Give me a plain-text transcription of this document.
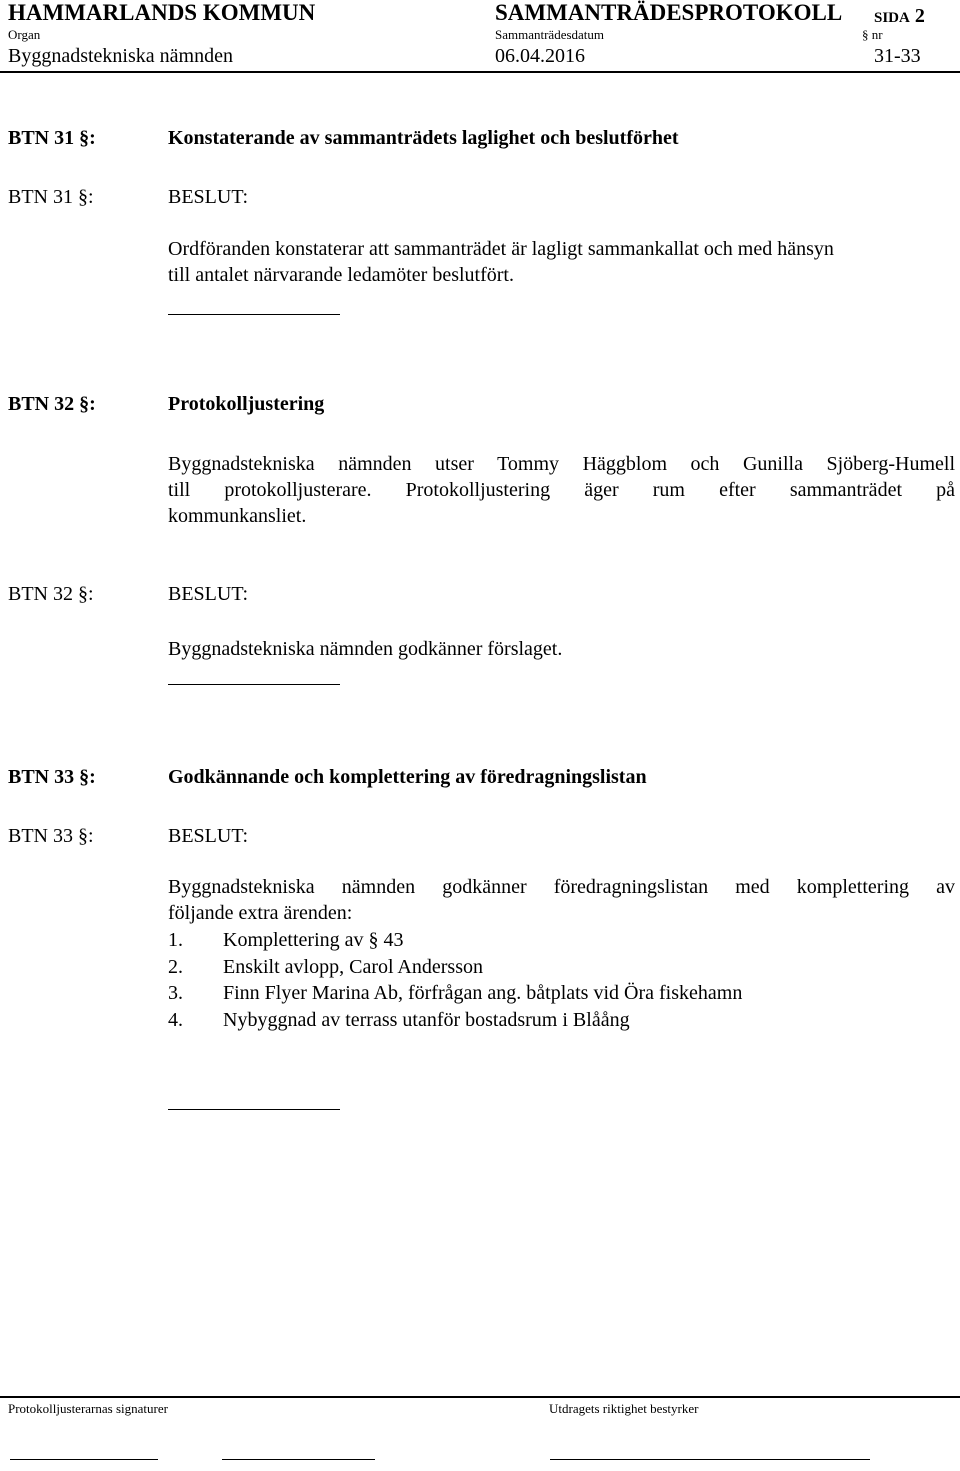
HAMMARLANDS KOMMUN	SAMMANTRÄDESPROTOKOLL SIDA 2
Organ	Sammanträdesdatum	§ nr
Byggnadstekniska nämnden	06.04.2016	31-33
BTN 31 §:	Konstaterande av sammanträdets laglighet och beslutförhet
BTN 31 §:	BESLUT:
Ordföranden konstaterar att sammanträdet är lagligt sammankallat och med hänsyn
till antalet närvarande ledamöter beslutfört.
BTN 32 §:	Protokolljustering
Byggnadstekniska nämnden utser Tommy Häggblom och Gunilla Sjöberg-Humell
till protokolljusterare. Protokolljustering äger rum efter sammanträdet på
kommunkansliet.
BTN 32 §:	BESLUT:
Byggnadstekniska nämnden godkänner förslaget.
BTN 33 §:	Godkännande och komplettering av föredragningslistan
BTN 33 §:	BESLUT:
Byggnadstekniska nämnden godkänner föredragningslistan med komplettering av
följande extra ärenden:
1. Komplettering av § 43
2. Enskilt avlopp, Carol Andersson
3. Finn Flyer Marina Ab, förfrågan ang. båtplats vid Öra fiskehamn
4. Nybyggnad av terrass utanför bostadsrum i Blåång
Protokolljusterarnas signaturer	Utdragets riktighet bestyrker
